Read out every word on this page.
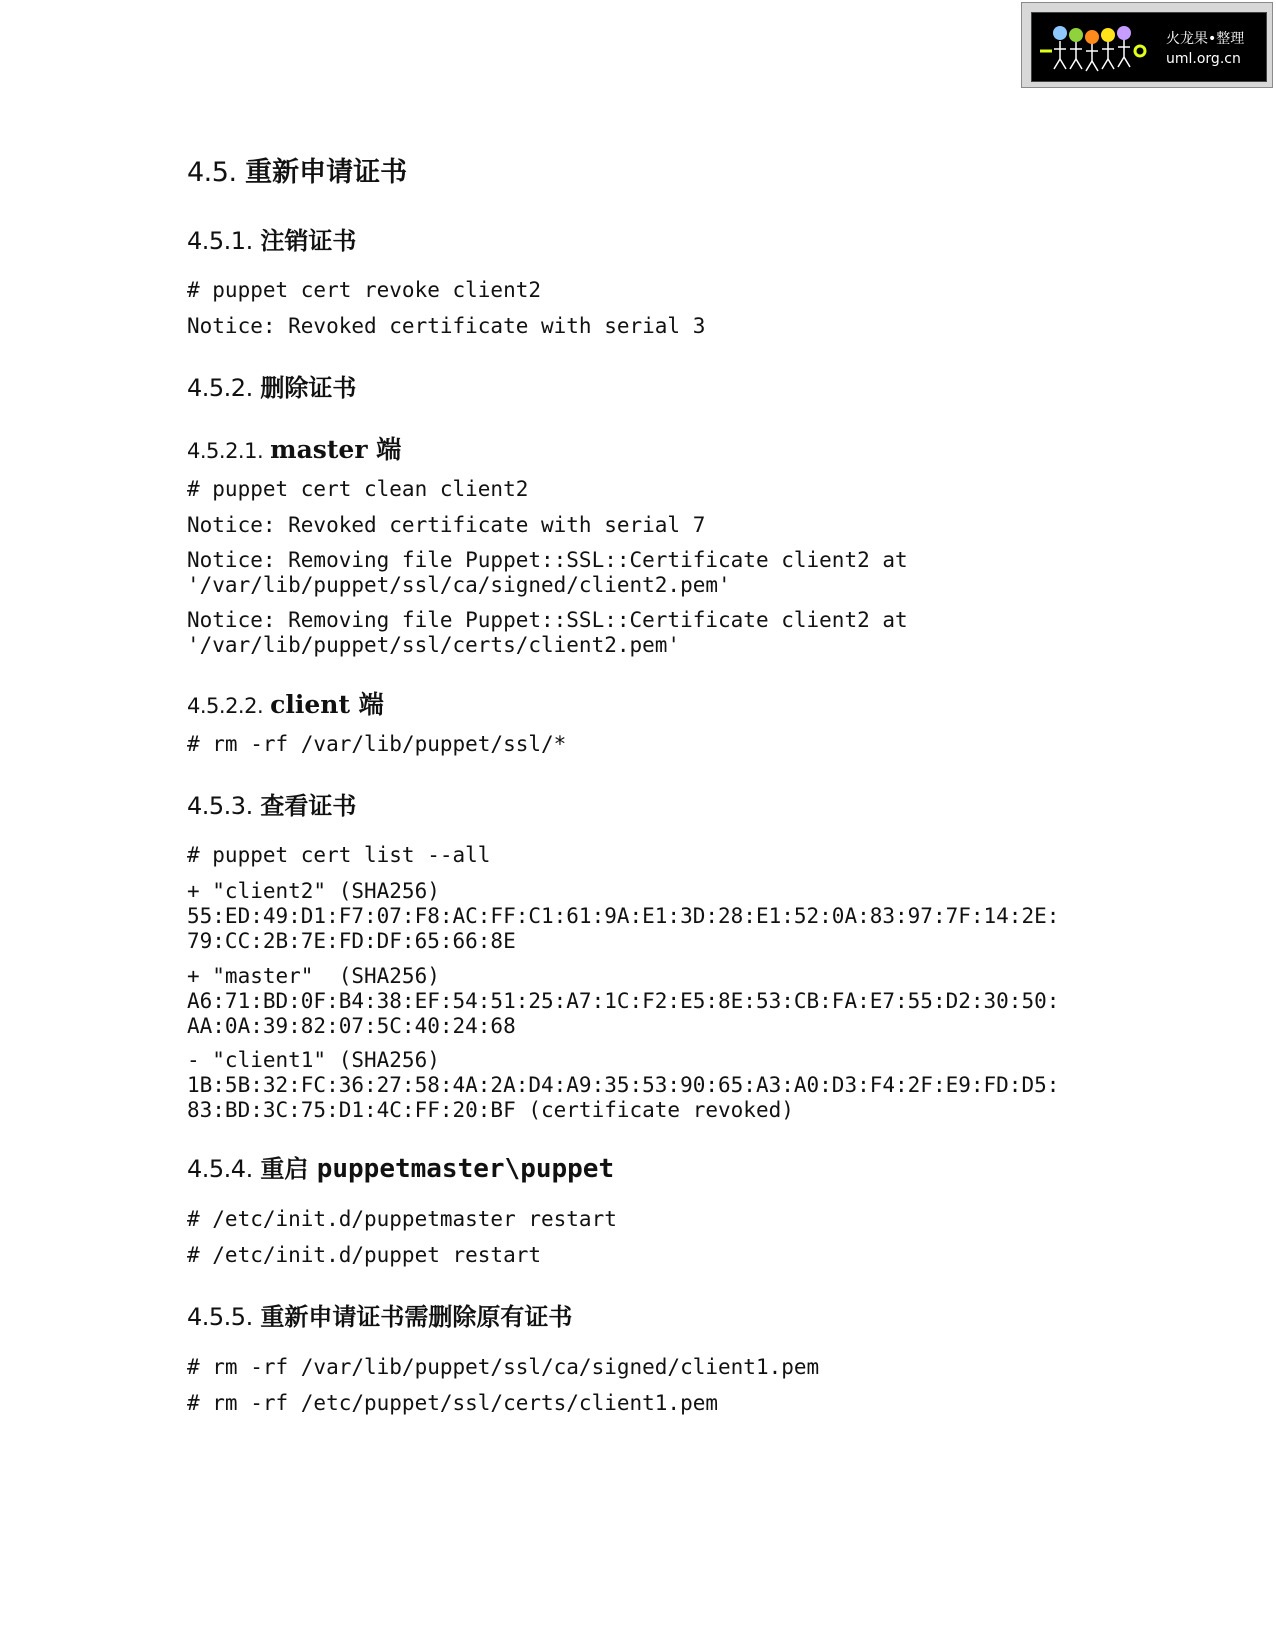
火龙果•整理
uml.org.cn
4.5. 重新申请证书
4.5.1. 注销证书
# puppet cert revoke client2
Notice: Revoked certificate with serial 3
4.5.2. 删除证书
4.5.2.1. master 端
# puppet cert clean client2
Notice: Revoked certificate with serial 7
Notice: Removing file Puppet::SSL::Certificate client2 at
'/var/lib/puppet/ssl/ca/signed/client2.pem'
Notice: Removing file Puppet::SSL::Certificate client2 at
'/var/lib/puppet/ssl/certs/client2.pem'
4.5.2.2. client 端
# rm -rf /var/lib/puppet/ssl/*
4.5.3. 查看证书
# puppet cert list --all
+ "client2" (SHA256)
55:ED:49:D1:F7:07:F8:AC:FF:C1:61:9A:E1:3D:28:E1:52:0A:83:97:7F:14:2E:
79:CC:2B:7E:FD:DF:65:66:8E
+ "master"  (SHA256)
A6:71:BD:0F:B4:38:EF:54:51:25:A7:1C:F2:E5:8E:53:CB:FA:E7:55:D2:30:50:
AA:0A:39:82:07:5C:40:24:68
- "client1" (SHA256)
1B:5B:32:FC:36:27:58:4A:2A:D4:A9:35:53:90:65:A3:A0:D3:F4:2F:E9:FD:D5:
83:BD:3C:75:D1:4C:FF:20:BF (certificate revoked)
4.5.4. 重启 puppetmaster\puppet
# /etc/init.d/puppetmaster restart
# /etc/init.d/puppet restart
4.5.5. 重新申请证书需删除原有证书
# rm -rf /var/lib/puppet/ssl/ca/signed/client1.pem
# rm -rf /etc/puppet/ssl/certs/client1.pem
